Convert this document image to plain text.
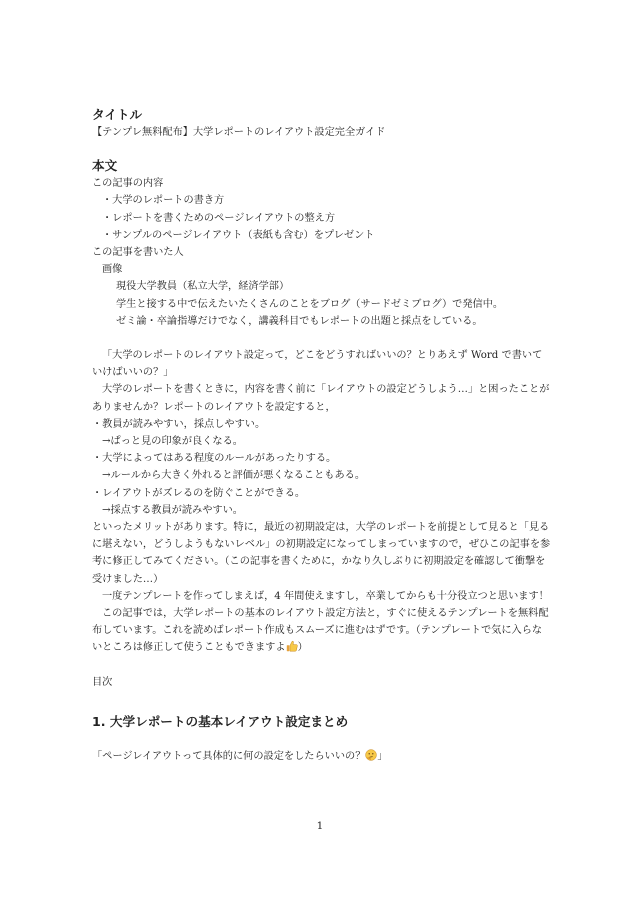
タイトル

【テンプレ無料配布】大学レポートのレイアウト設定完全ガイド

本文

この記事の内容

・大学のレポートの書き方

・レポートを書くためのページレイアウトの整え方

・サンプルのページレイアウト（表紙も含む）をプレゼント

この記事を書いた人

画像

現役大学教員（私立大学，経済学部）

学生と接する中で伝えたいたくさんのことをブログ（サードゼミブログ）で発信中。

ゼミ論・卒論指導だけでなく，講義科目でもレポートの出題と採点をしている。

「大学のレポートのレイアウト設定って，どこをどうすればいいの？とりあえず Word で書いていけばいいの？」

大学のレポートを書くときに，内容を書く前に「レイアウトの設定どうしよう…」と困ったことがありませんか？レポートのレイアウトを設定すると，

・教員が読みやすい，採点しやすい。

→ぱっと見の印象が良くなる。

・大学によってはある程度のルールがあったりする。

→ルールから大きく外れると評価が悪くなることもある。

・レイアウトがズレるのを防ぐことができる。

→採点する教員が読みやすい。

といったメリットがあります。特に，最近の初期設定は，大学のレポートを前提として見ると「見るに堪えない，どうしようもないレベル」の初期設定になってしまっていますので，ぜひこの記事を参考に修正してみてください。（この記事を書くために，かなり久しぶりに初期設定を確認して衝撃を受けました…）

一度テンプレートを作ってしまえば，4 年間使えますし，卒業してからも十分役立つと思います！

この記事では，大学レポートの基本のレイアウト設定方法と，すぐに使えるテンプレートを無料配布しています。これを読めばレポート作成もスムーズに進むはずです。（テンプレートで気に入らないところは修正して使うこともできますよ ）

目次

1. 大学レポートの基本レイアウト設定まとめ

「ページレイアウトって具体的に何の設定をしたらいいの？ 」

1
